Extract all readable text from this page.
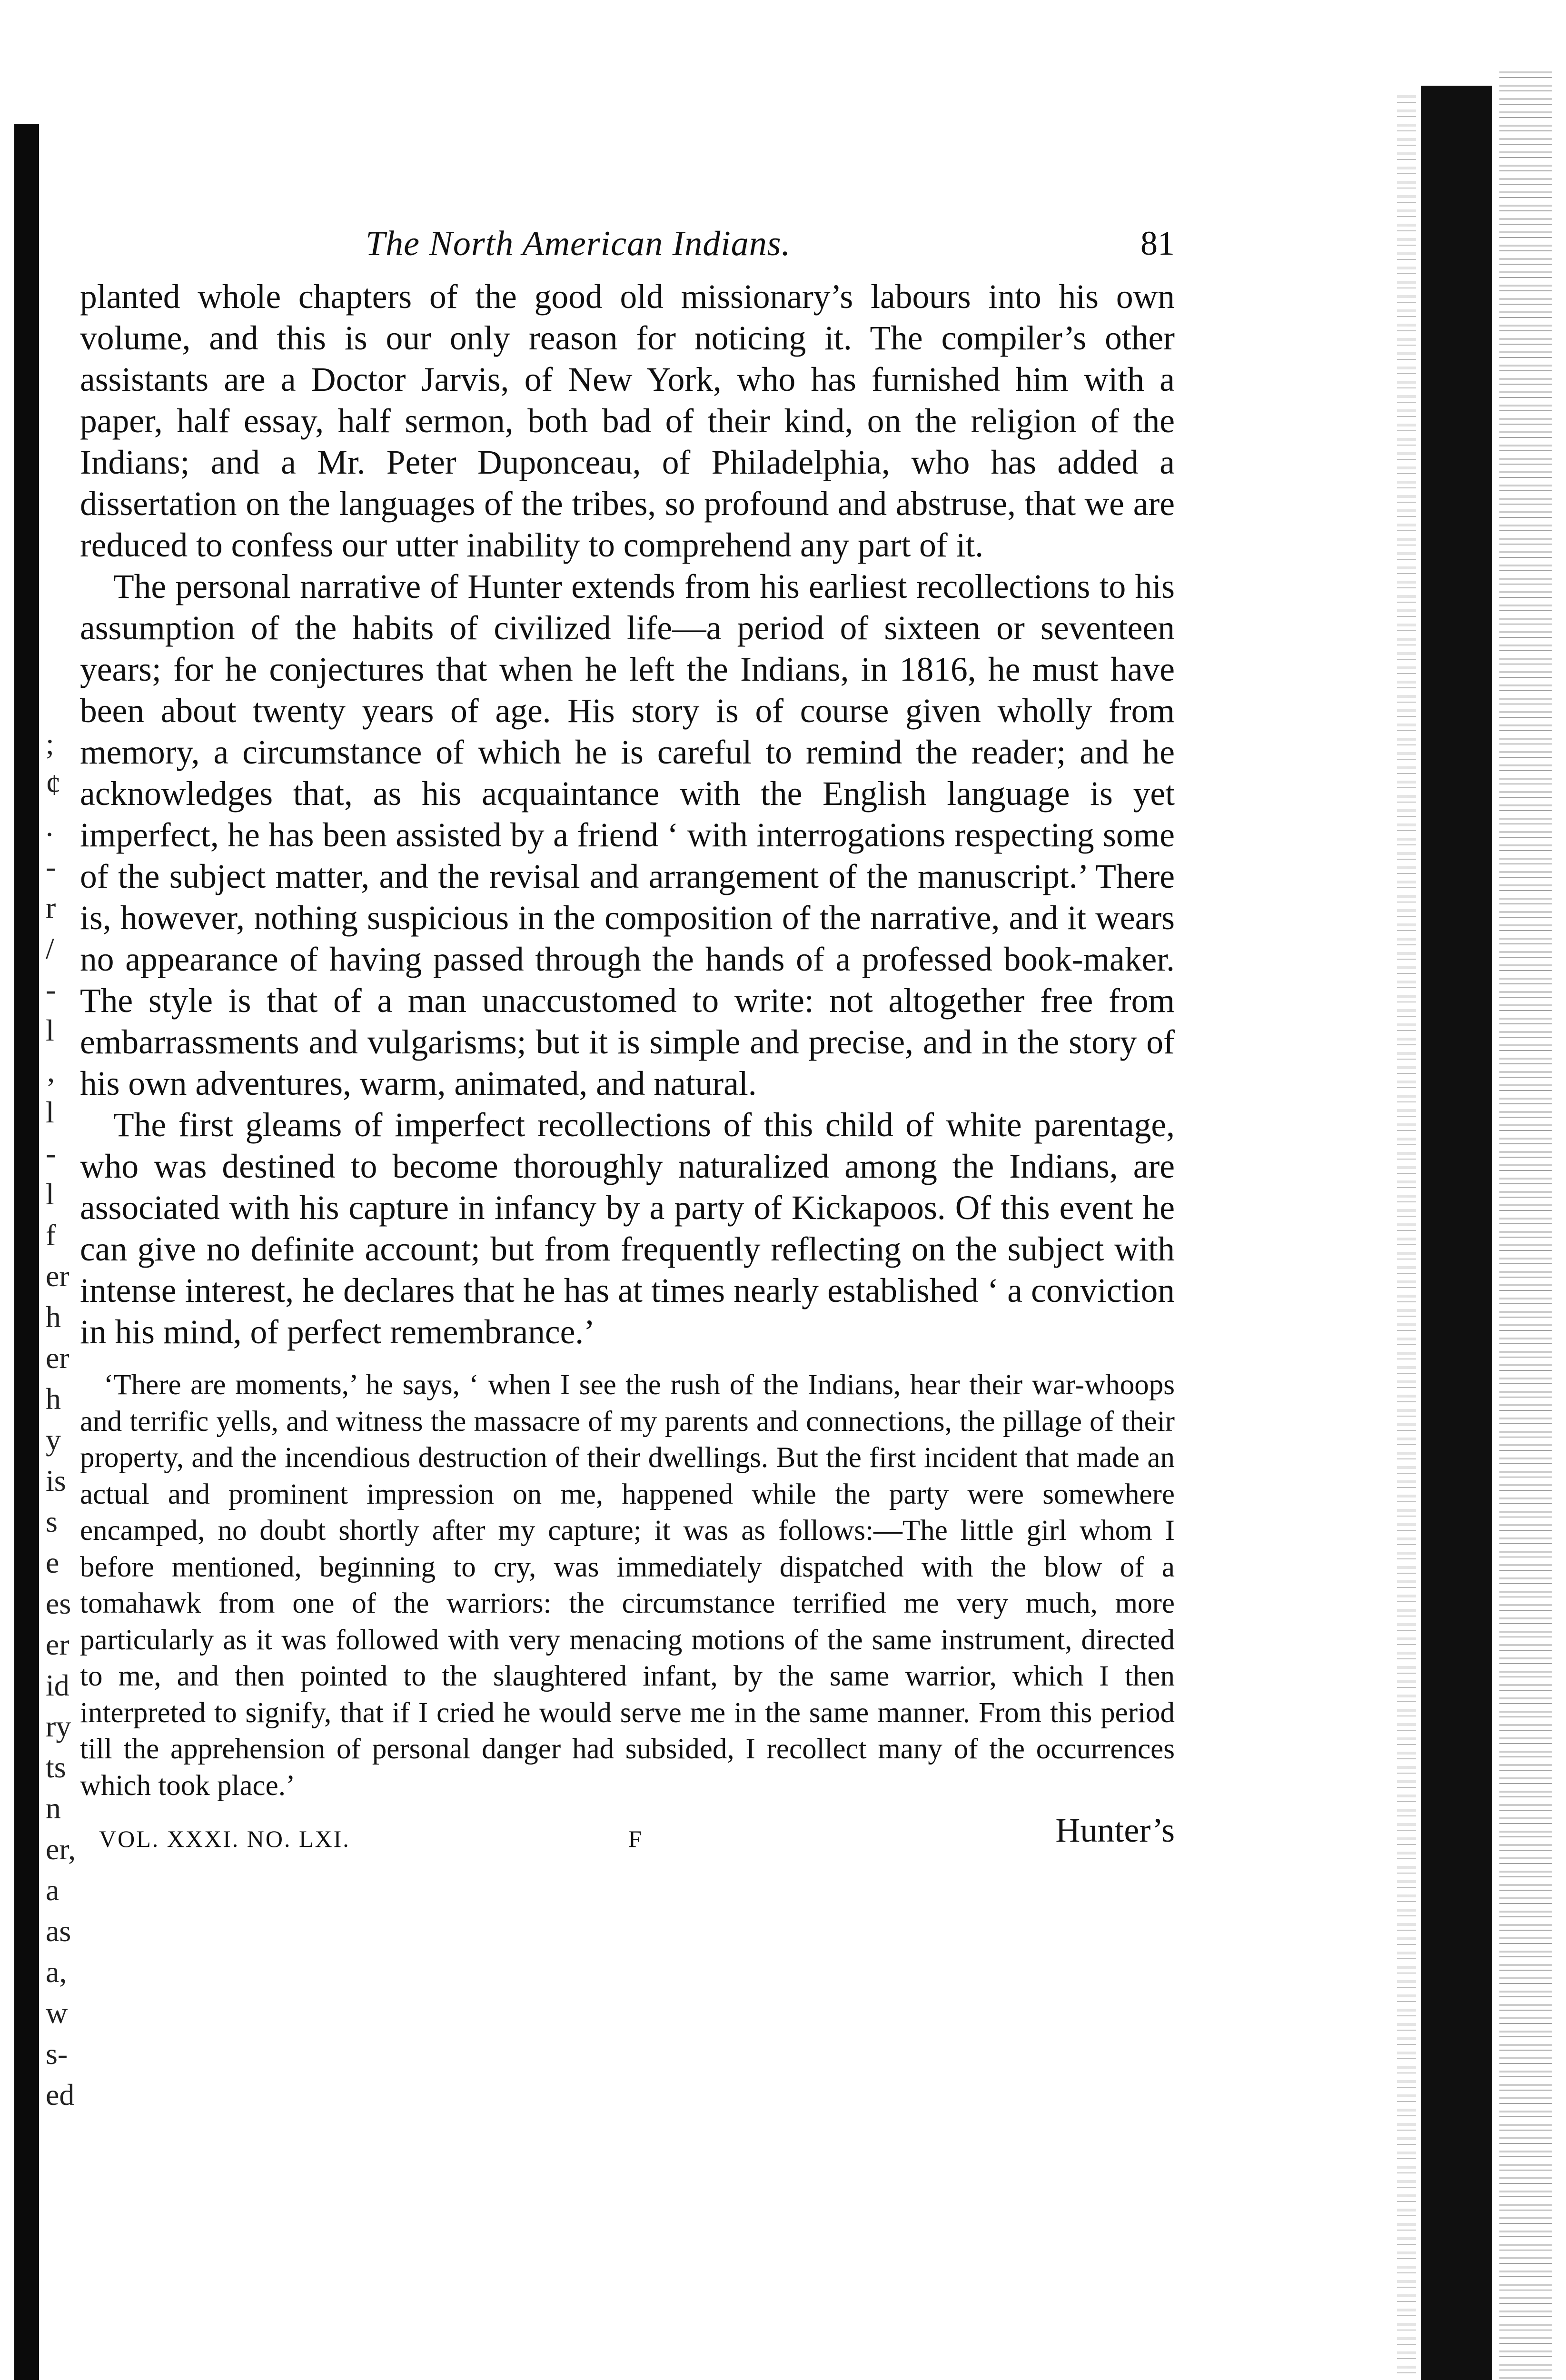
;
¢
.
-
r
/
-
l
‚
l
-
l
f
er
h
er
h
y
is
s
e
es
er
id
ry
ts
n
er,
a
as
a,
w
s-
ed
The North American Indians.	81

planted whole chapters of the good old missionary’s labours into his own volume, and this is our only reason for noticing it. The compiler’s other assistants are a Doctor Jarvis, of New York, who has furnished him with a paper, half essay, half sermon, both bad of their kind, on the religion of the Indians; and a Mr. Peter Duponceau, of Philadelphia, who has added a dissertation on the languages of the tribes, so profound and abstruse, that we are reduced to confess our utter inability to comprehend any part of it.

The personal narrative of Hunter extends from his earliest recollections to his assumption of the habits of civilized life—a period of sixteen or seventeen years; for he conjectures that when he left the Indians, in 1816, he must have been about twenty years of age. His story is of course given wholly from memory, a circumstance of which he is careful to remind the reader; and he acknowledges that, as his acquaintance with the English language is yet imperfect, he has been assisted by a friend ‘ with interrogations respecting some of the subject matter, and the revisal and arrangement of the manuscript.’ There is, however, nothing suspicious in the composition of the narrative, and it wears no appearance of having passed through the hands of a professed book-maker. The style is that of a man unaccustomed to write: not altogether free from embarrassments and vulgarisms; but it is simple and precise, and in the story of his own adventures, warm, animated, and natural.

The first gleams of imperfect recollections of this child of white parentage, who was destined to become thoroughly naturalized among the Indians, are associated with his capture in infancy by a party of Kickapoos. Of this event he can give no definite account; but from frequently reflecting on the subject with intense interest, he declares that he has at times nearly established ‘ a conviction in his mind, of perfect remembrance.’

‘There are moments,’ he says, ‘ when I see the rush of the Indians, hear their war-whoops and terrific yells, and witness the massacre of my parents and connections, the pillage of their property, and the incendious destruction of their dwellings. But the first incident that made an actual and prominent impression on me, happened while the party were somewhere encamped, no doubt shortly after my capture; it was as follows:—The little girl whom I before mentioned, beginning to cry, was immediately dispatched with the blow of a tomahawk from one of the warriors: the circumstance terrified me very much, more particularly as it was followed with very menacing motions of the same instrument, directed to me, and then pointed to the slaughtered infant, by the same warrior, which I then interpreted to signify, that if I cried he would serve me in the same manner. From this period till the apprehension of personal danger had subsided, I recollect many of the occurrences which took place.’
VOL. XXXI. NO. LXI.	F	Hunter’s
